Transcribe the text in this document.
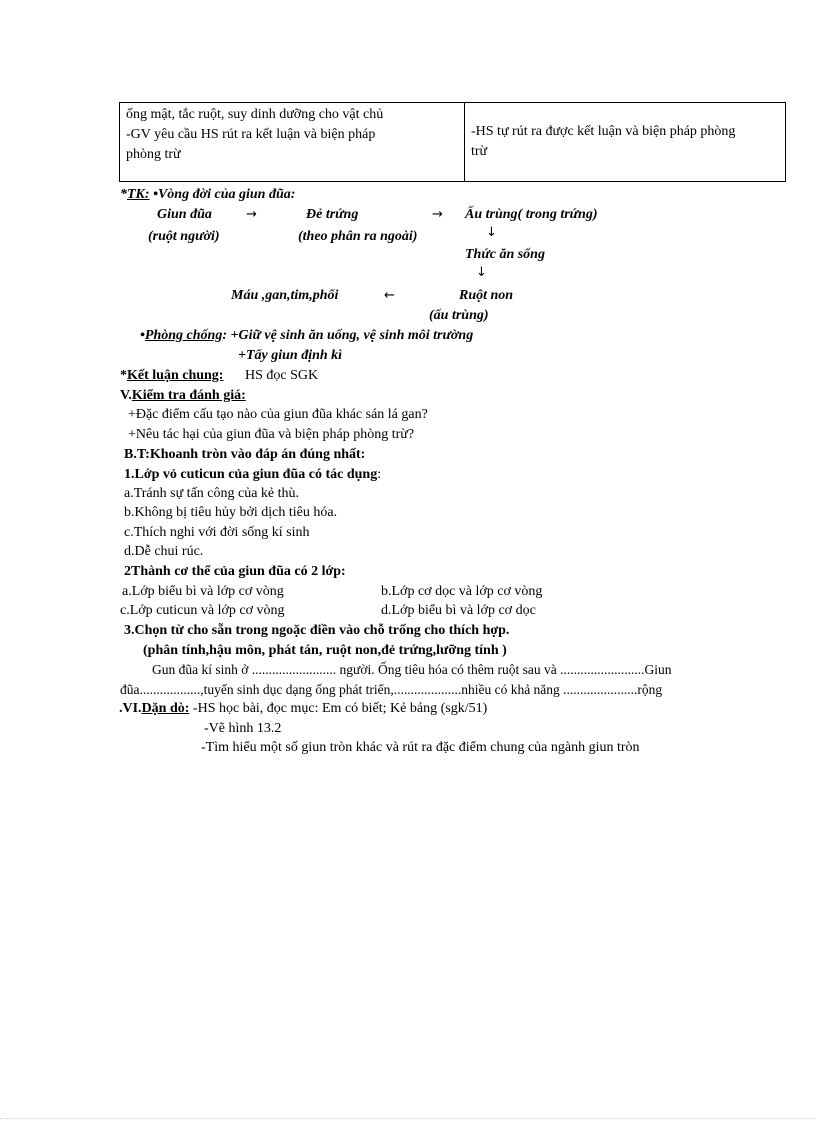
ống mật, tắc ruột, suy dinh dưỡng cho vật chủ
-GV yêu cầu HS rút ra kết luận và biện pháp
phòng trừ

-HS tự rút ra được kết luận và biện pháp phòng
trừ
*TK: •Vòng đời của giun đũa:
Giun đũa
(ruột người)
→	Đẻ trứng
(theo phân ra ngoài)
→ Ấu trùng( trong trứng)
↓
Thức ăn sống
↓
Máu ,gan,tim,phổi	←	Ruột non
(ấu trùng)
•Phòng chống: +Giữ vệ sinh ăn uống, vệ sinh môi trường
+Tẩy giun định kì
*Kết luận chung: HS đọc SGK
V.Kiểm tra đánh giá:
+Đặc điểm cấu tạo nào của giun đũa khác sán lá gan?
+Nêu tác hại của giun đũa và biện pháp phòng trừ?
B.T:Khoanh tròn vào đáp án đúng nhất:
1.Lớp vỏ cuticun của giun đũa có tác dụng:
a.Tránh sự tấn công của kẻ thù.
b.Không bị tiêu hủy bởi dịch tiêu hóa.
c.Thích nghi với đời sống kí sinh
d.Dễ chui rúc.
2Thành cơ thể của giun đũa có 2 lớp:
a.Lớp biểu bì và lớp cơ vòng	b.Lớp cơ dọc và lớp cơ vòng
c.Lớp cuticun và lớp cơ vòng	d.Lớp biểu bì và lớp cơ dọc
3.Chọn từ cho sẵn trong ngoặc điền vào chỗ trống cho thích hợp.
(phân tính,hậu môn, phát tán, ruột non,đẻ trứng,lưỡng tính )
Gun đũa kí sinh ở ......................... người. Ống tiêu hóa có thêm ruột sau và .........................Giun
đũa..................,tuyến sinh dục dạng ống phát triển,....................nhiều có khả năng ......................rộng
.VI.Dặn dò: -HS học bài, đọc mục: Em có biết; Kẻ bảng (sgk/51)
-Vẽ hình 13.2
-Tìm hiểu một số giun tròn khác và rút ra đặc điểm chung của ngành giun tròn
